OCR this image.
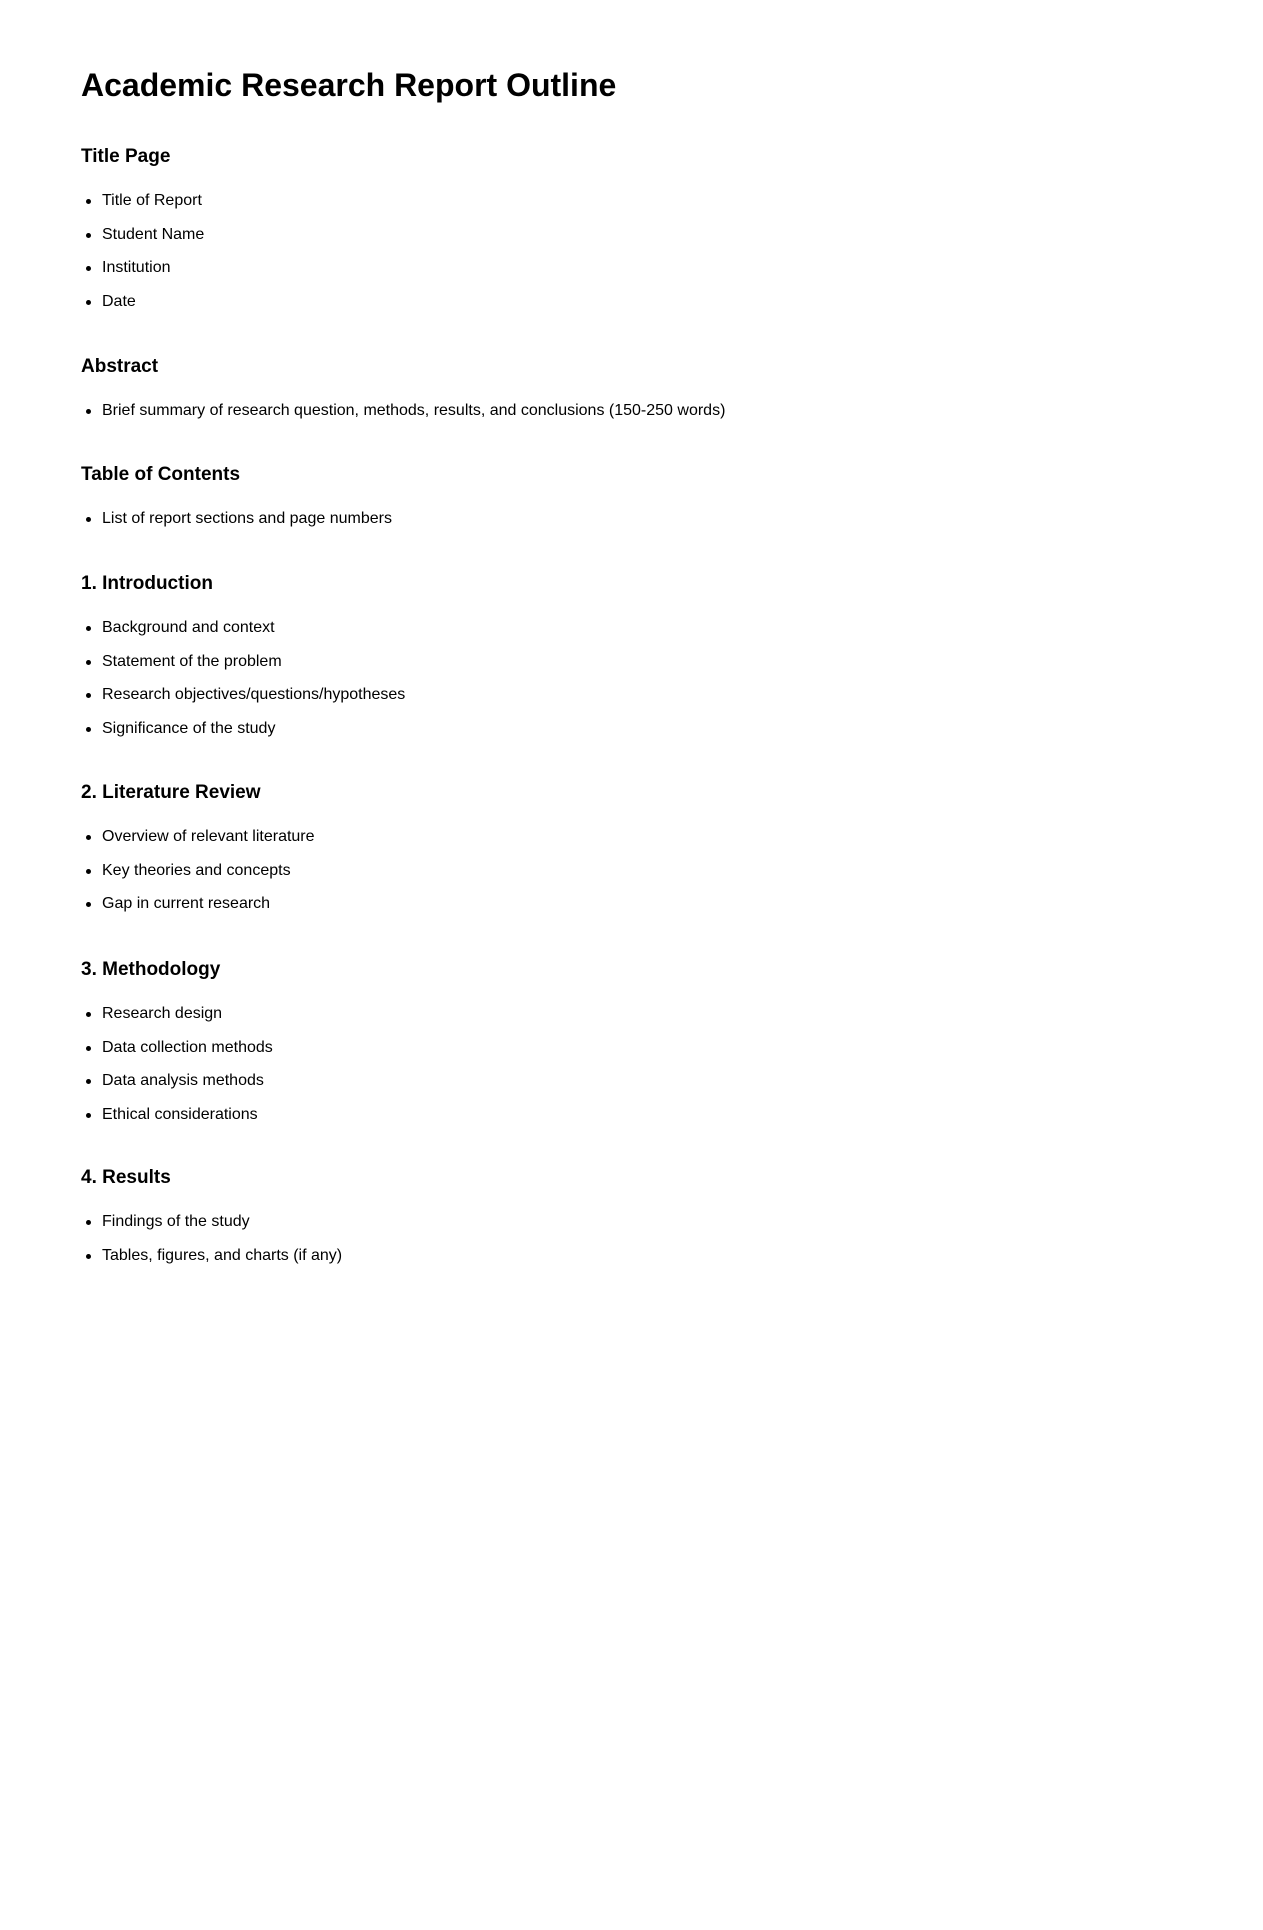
Academic Research Report Outline
Title Page
Title of Report
Student Name
Institution
Date
Abstract
Brief summary of research question, methods, results, and conclusions (150-250 words)
Table of Contents
List of report sections and page numbers
1. Introduction
Background and context
Statement of the problem
Research objectives/questions/hypotheses
Significance of the study
2. Literature Review
Overview of relevant literature
Key theories and concepts
Gap in current research
3. Methodology
Research design
Data collection methods
Data analysis methods
Ethical considerations
4. Results
Findings of the study
Tables, figures, and charts (if any)
